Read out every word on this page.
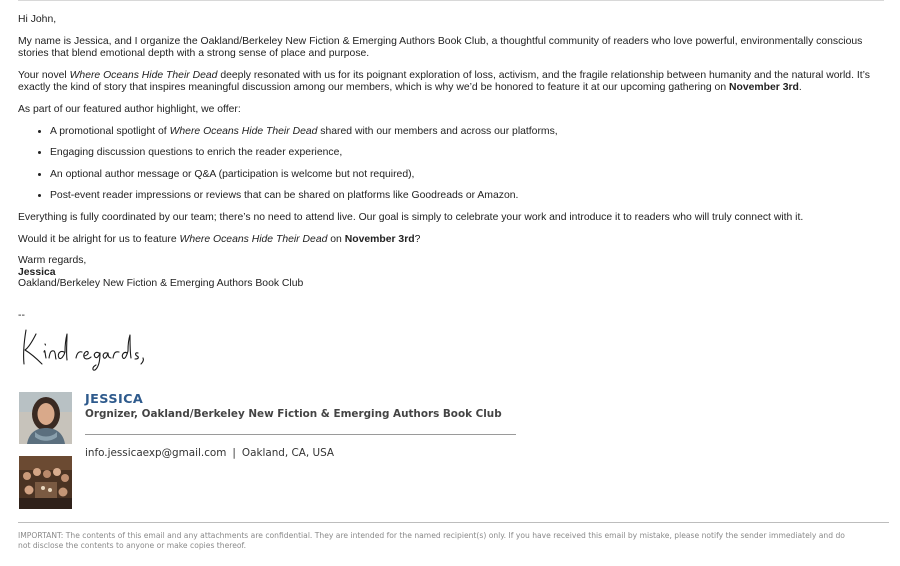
Hi John,

My name is Jessica, and I organize the Oakland/Berkeley New Fiction & Emerging Authors Book Club, a thoughtful community of readers who love powerful, environmentally conscious stories that blend emotional depth with a strong sense of place and purpose.

Your novel Where Oceans Hide Their Dead deeply resonated with us for its poignant exploration of loss, activism, and the fragile relationship between humanity and the natural world. It’s exactly the kind of story that inspires meaningful discussion among our members, which is why we’d be honored to feature it at our upcoming gathering on November 3rd.

As part of our featured author highlight, we offer:

• A promotional spotlight of Where Oceans Hide Their Dead shared with our members and across our platforms,
• Engaging discussion questions to enrich the reader experience,
• An optional author message or Q&A (participation is welcome but not required),
• Post-event reader impressions or reviews that can be shared on platforms like Goodreads or Amazon.

Everything is fully coordinated by our team; there’s no need to attend live. Our goal is simply to celebrate your work and introduce it to readers who will truly connect with it.

Would it be alright for us to feature Where Oceans Hide Their Dead on November 3rd?

Warm regards,
Jessica
Oakland/Berkeley New Fiction & Emerging Authors Book Club
--
JESSICA
Orgnizer, Oakland/Berkeley New Fiction & Emerging Authors Book Club
info.jessicaexp@gmail.com | Oakland, CA, USA
IMPORTANT: The contents of this email and any attachments are confidential. They are intended for the named recipient(s) only. If you have received this email by mistake, please notify the sender immediately and do not disclose the contents to anyone or make copies thereof.
